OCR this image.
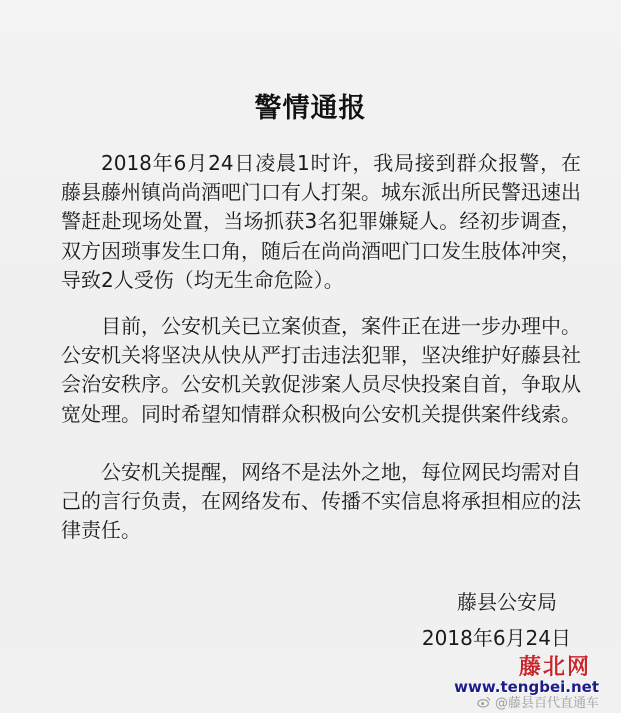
警情通报

2018年6月24日凌晨1时许，我局接到群众报警，在藤县藤州镇尚尚酒吧门口有人打架。城东派出所民警迅速出警赶赴现场处置，当场抓获3名犯罪嫌疑人。经初步调查，双方因琐事发生口角，随后在尚尚酒吧门口发生肢体冲突，导致2人受伤（均无生命危险）。

目前，公安机关已立案侦查，案件正在进一步办理中。公安机关将坚决从快从严打击违法犯罪，坚决维护好藤县社会治安秩序。公安机关敦促涉案人员尽快投案自首，争取从宽处理。同时希望知情群众积极向公安机关提供案件线索。

公安机关提醒，网络不是法外之地，每位网民均需对自己的言行负责，在网络发布、传播不实信息将承担相应的法律责任。

藤县公安局
2018年6月24日
藤北网
www.tengbei.net
@藤县百代直通车
